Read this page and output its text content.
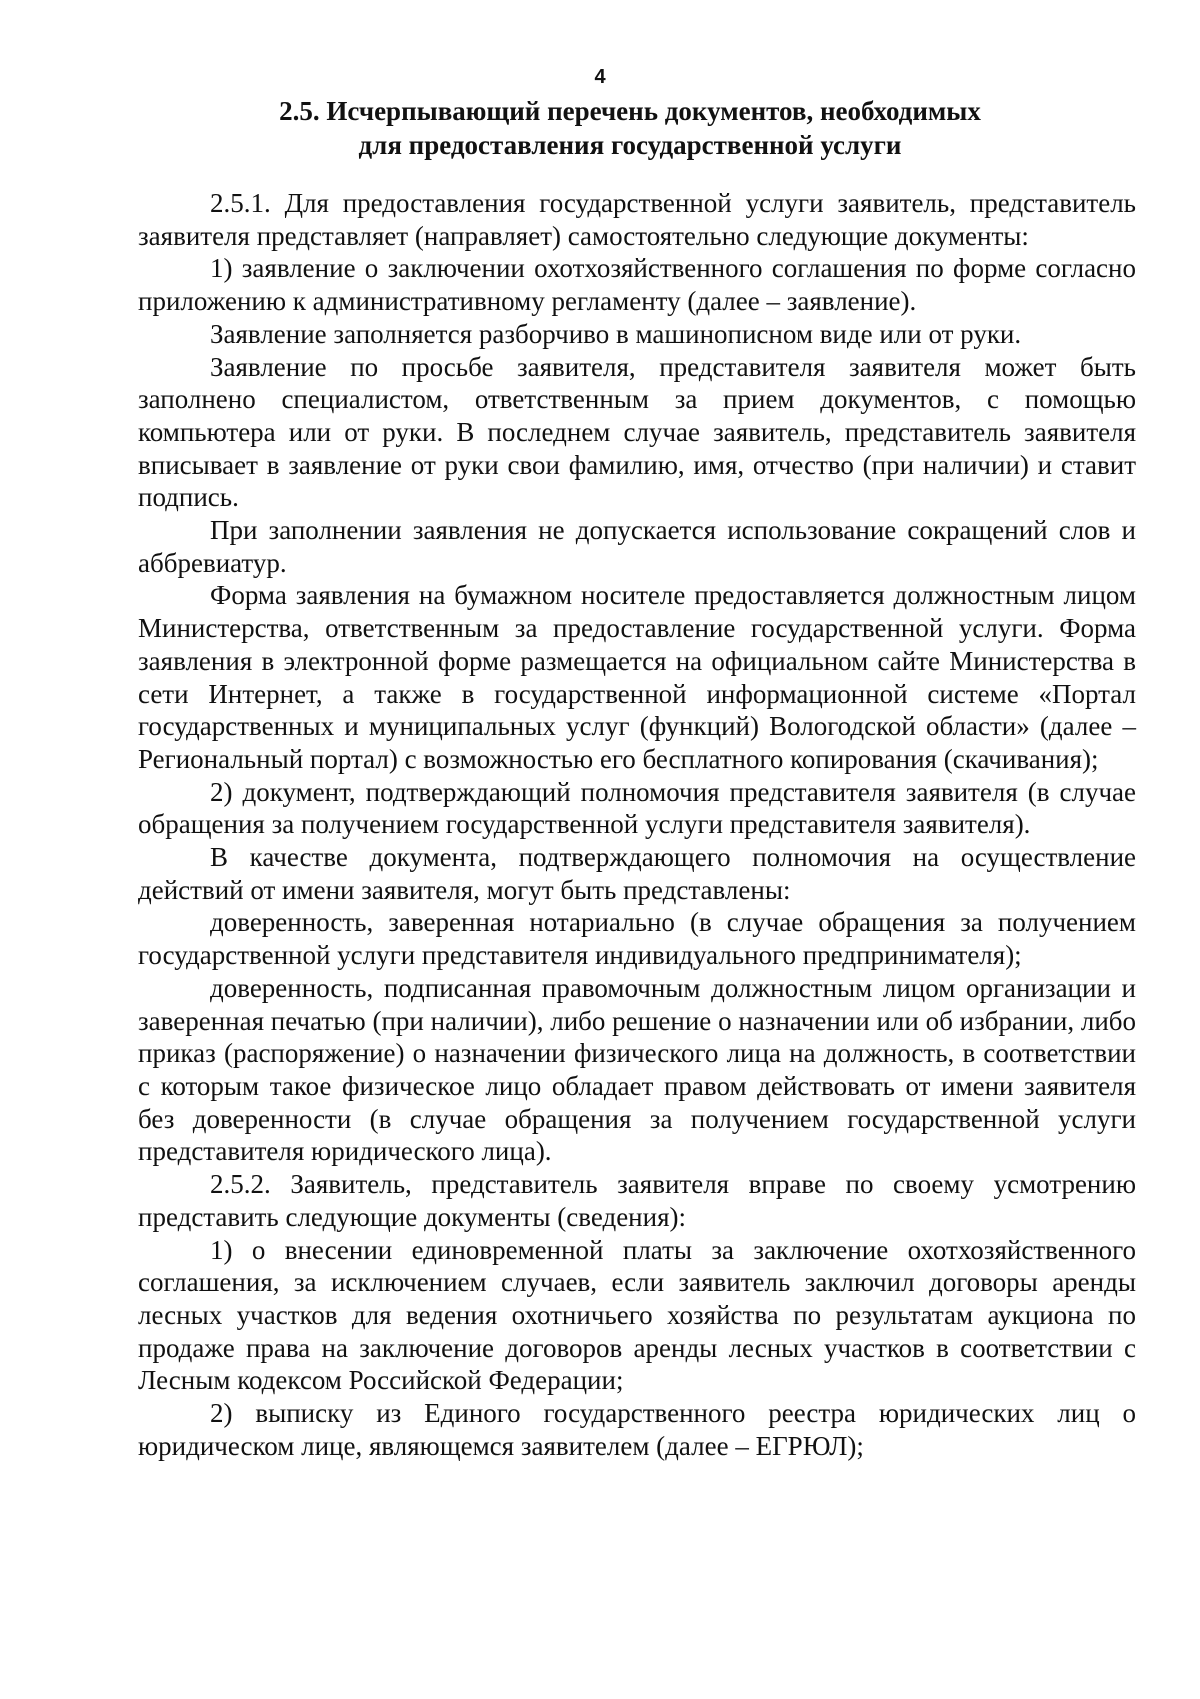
4
2.5. Исчерпывающий перечень документов, необходимых
для предоставления государственной услуги

2.5.1. Для предоставления государственной услуги заявитель, представитель заявителя представляет (направляет) самостоятельно следующие документы:

1) заявление о заключении охотхозяйственного соглашения по форме согласно приложению к административному регламенту (далее – заявление).

Заявление заполняется разборчиво в машинописном виде или от руки.

Заявление по просьбе заявителя, представителя заявителя может быть заполнено специалистом, ответственным за прием документов, с помощью компьютера или от руки. В последнем случае заявитель, представитель заявителя вписывает в заявление от руки свои фамилию, имя, отчество (при наличии) и ставит подпись.

При заполнении заявления не допускается использование сокращений слов и аббревиатур.

Форма заявления на бумажном носителе предоставляется должностным лицом Министерства, ответственным за предоставление государственной услуги. Форма заявления в электронной форме размещается на официальном сайте Министерства в сети Интернет, а также в государственной информационной системе «Портал государственных и муниципальных услуг (функций) Вологодской области» (далее – Региональный портал) с возможностью его бесплатного копирования (скачивания);

2) документ, подтверждающий полномочия представителя заявителя (в случае обращения за получением государственной услуги представителя заявителя).

В качестве документа, подтверждающего полномочия на осуществление действий от имени заявителя, могут быть представлены:

доверенность, заверенная нотариально (в случае обращения за получением государственной услуги представителя индивидуального предпринимателя);

доверенность, подписанная правомочным должностным лицом организации и заверенная печатью (при наличии), либо решение о назначении или об избрании, либо приказ (распоряжение) о назначении физического лица на должность, в соответствии с которым такое физическое лицо обладает правом действовать от имени заявителя без доверенности (в случае обращения за получением государственной услуги представителя юридического лица).

2.5.2. Заявитель, представитель заявителя вправе по своему усмотрению представить следующие документы (сведения):

1) о внесении единовременной платы за заключение охотхозяйственного соглашения, за исключением случаев, если заявитель заключил договоры аренды лесных участков для ведения охотничьего хозяйства по результатам аукциона по продаже права на заключение договоров аренды лесных участков в соответствии с Лесным кодексом Российской Федерации;

2) выписку из Единого государственного реестра юридических лиц о юридическом лице, являющемся заявителем (далее – ЕГРЮЛ);
